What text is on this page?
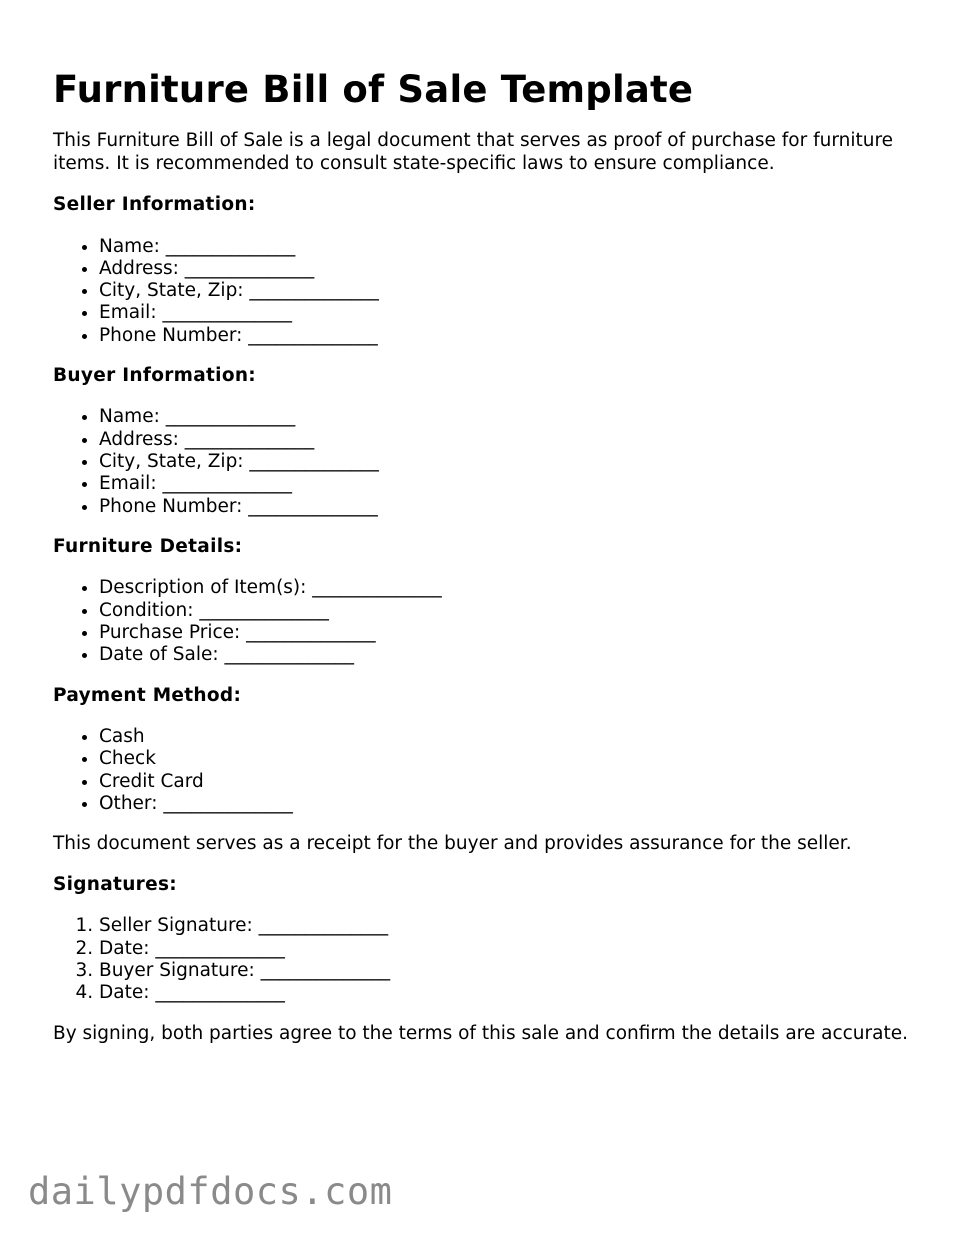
Furniture Bill of Sale Template

This Furniture Bill of Sale is a legal document that serves as proof of purchase for furniture items. It is recommended to consult state-specific laws to ensure compliance.

Seller Information:
• Name: ______________
• Address: ______________
• City, State, Zip: ______________
• Email: ______________
• Phone Number: ______________
Buyer Information:
• Name: ______________
• Address: ______________
• City, State, Zip: ______________
• Email: ______________
• Phone Number: ______________
Furniture Details:
• Description of Item(s): ______________
• Condition: ______________
• Purchase Price: ______________
• Date of Sale: ______________
Payment Method:
• Cash
• Check
• Credit Card
• Other: ______________

This document serves as a receipt for the buyer and provides assurance for the seller.

Signatures:
1. Seller Signature: ______________
2. Date: ______________
3. Buyer Signature: ______________
4. Date: ______________

By signing, both parties agree to the terms of this sale and confirm the details are accurate.

dailypdfdocs.com
